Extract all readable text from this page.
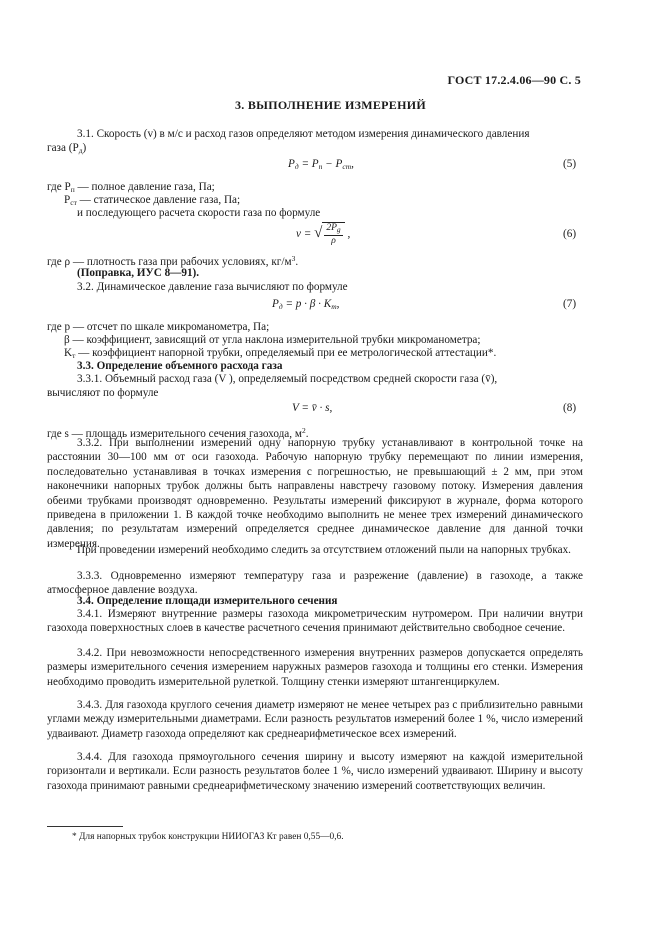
ГОСТ 17.2.4.06—90 С. 5
3. ВЫПОЛНЕНИЕ ИЗМЕРЕНИЙ
3.1. Скорость (v) в м/с и расход газов определяют методом измерения динамического давления
газа $(P_д)$
$P_д = P_п - P_{ст}$,	(5)
где $P_п$ — полное давление газа, Па;
$P_{ст}$ — статическое давление газа, Па;
и последующего расчета скорости газа по формуле
v = √ $\frac{2P_g}{\rho}$ ,	(6)
где ρ — плотность газа при рабочих условиях, $кг/м^3$.
(Поправка, ИУС 8—91).
3.2. Динамическое давление газа вычисляют по формуле
$P_д = p \cdot \beta \cdot K_т$,	(7)
где p — отсчет по шкале микроманометра, Па;
β — коэффициент, зависящий от угла наклона измерительной трубки микроманометра;
$K_т$ — коэффициент напорной трубки, определяемый при ее метрологической аттестации*.
3.3. Определение объемного расхода газа
3.3.1. Объемный расход газа (V ), определяемый посредством средней скорости газа (v̄),
вычисляют по формуле
V = v̄ · s,	(8)
где s — площадь измерительного сечения газохода, $м^2$.
3.3.2. При выполнении измерений одну напорную трубку устанавливают в контрольной точке на расстоянии 30—100 мм от оси газохода. Рабочую напорную трубку перемещают по линии измерения, последовательно устанавливая в точках измерения с погрешностью, не превышающий ± 2 мм, при этом наконечники напорных трубок должны быть направлены навстречу газовому потоку. Измерения давления обеими трубками производят одновременно. Результаты измерений фиксируют в журнале, форма которого приведена в приложении 1. В каждой точке необходимо выполнить не менее трех измерений динамического давления; по результатам измерений определяется среднее динамическое давление для данной точки измерения.
При проведении измерений необходимо следить за отсутствием отложений пыли на напорных трубках.
3.3.3. Одновременно измеряют температуру газа и разрежение (давление) в газоходе, а также атмосферное давление воздуха.
3.4. Определение площади измерительного сечения
3.4.1. Измеряют внутренние размеры газохода микрометрическим нутромером. При наличии внутри газохода поверхностных слоев в качестве расчетного сечения принимают действительно свободное сечение.
3.4.2. При невозможности непосредственного измерения внутренних размеров допускается определять размеры измерительного сечения измерением наружных размеров газохода и толщины его стенки. Измерения необходимо проводить измерительной рулеткой. Толщину стенки измеряют штангенциркулем.
3.4.3. Для газохода круглого сечения диаметр измеряют не менее четырех раз с приблизительно равными углами между измерительными диаметрами. Если разность результатов измерений более 1 %, число измерений удваивают. Диаметр газохода определяют как среднеарифметическое всех измерений.
3.4.4. Для газохода прямоугольного сечения ширину и высоту измеряют на каждой измерительной горизонтали и вертикали. Если разность результатов более 1 %, число измерений удваивают. Ширину и высоту газохода принимают равными среднеарифметическому значению измерений соответствующих величин.
* Для напорных трубок конструкции НИИОГАЗ Кт равен 0,55—0,6.
